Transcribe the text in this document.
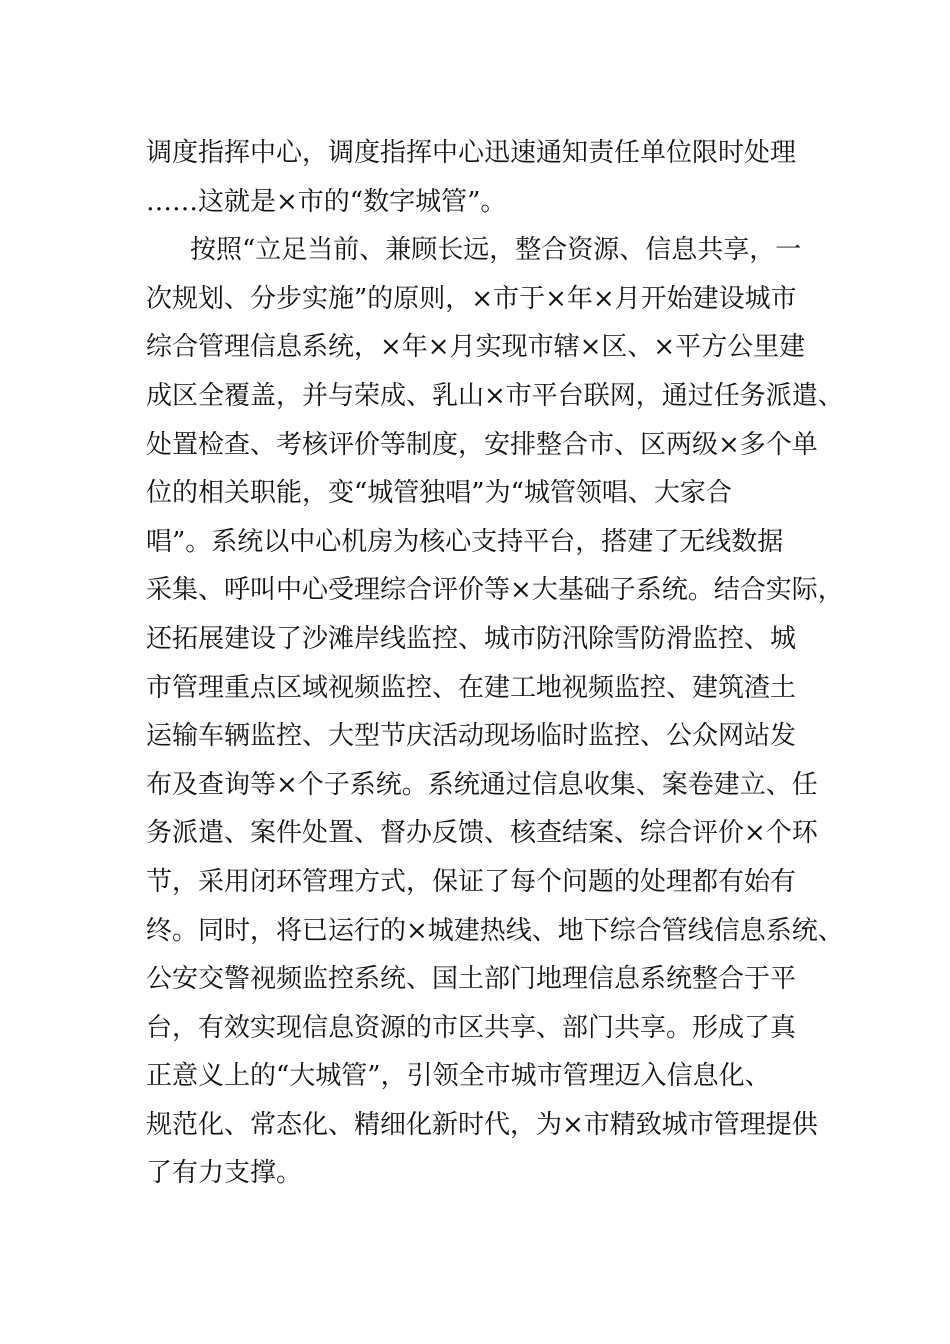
调度指挥中心，调度指挥中心迅速通知责任单位限时处理
……这就是×市的“数字城管”。
按照“立足当前、兼顾长远，整合资源、信息共享，一
次规划、分步实施”的原则，×市于×年×月开始建设城市
综合管理信息系统，×年×月实现市辖×区、×平方公里建
成区全覆盖，并与荣成、乳山×市平台联网，通过任务派遣、
处置检查、考核评价等制度，安排整合市、区两级×多个单
位的相关职能，变“城管独唱”为“城管领唱、大家合
唱”。系统以中心机房为核心支持平台，搭建了无线数据
采集、呼叫中心受理综合评价等×大基础子系统。结合实际，
还拓展建设了沙滩岸线监控、城市防汛除雪防滑监控、城
市管理重点区域视频监控、在建工地视频监控、建筑渣土
运输车辆监控、大型节庆活动现场临时监控、公众网站发
布及查询等×个子系统。系统通过信息收集、案卷建立、任
务派遣、案件处置、督办反馈、核查结案、综合评价×个环
节，采用闭环管理方式，保证了每个问题的处理都有始有
终。同时，将已运行的×城建热线、地下综合管线信息系统、
公安交警视频监控系统、国土部门地理信息系统整合于平
台，有效实现信息资源的市区共享、部门共享。形成了真
正意义上的“大城管”，引领全市城市管理迈入信息化、
规范化、常态化、精细化新时代，为×市精致城市管理提供
了有力支撑。
